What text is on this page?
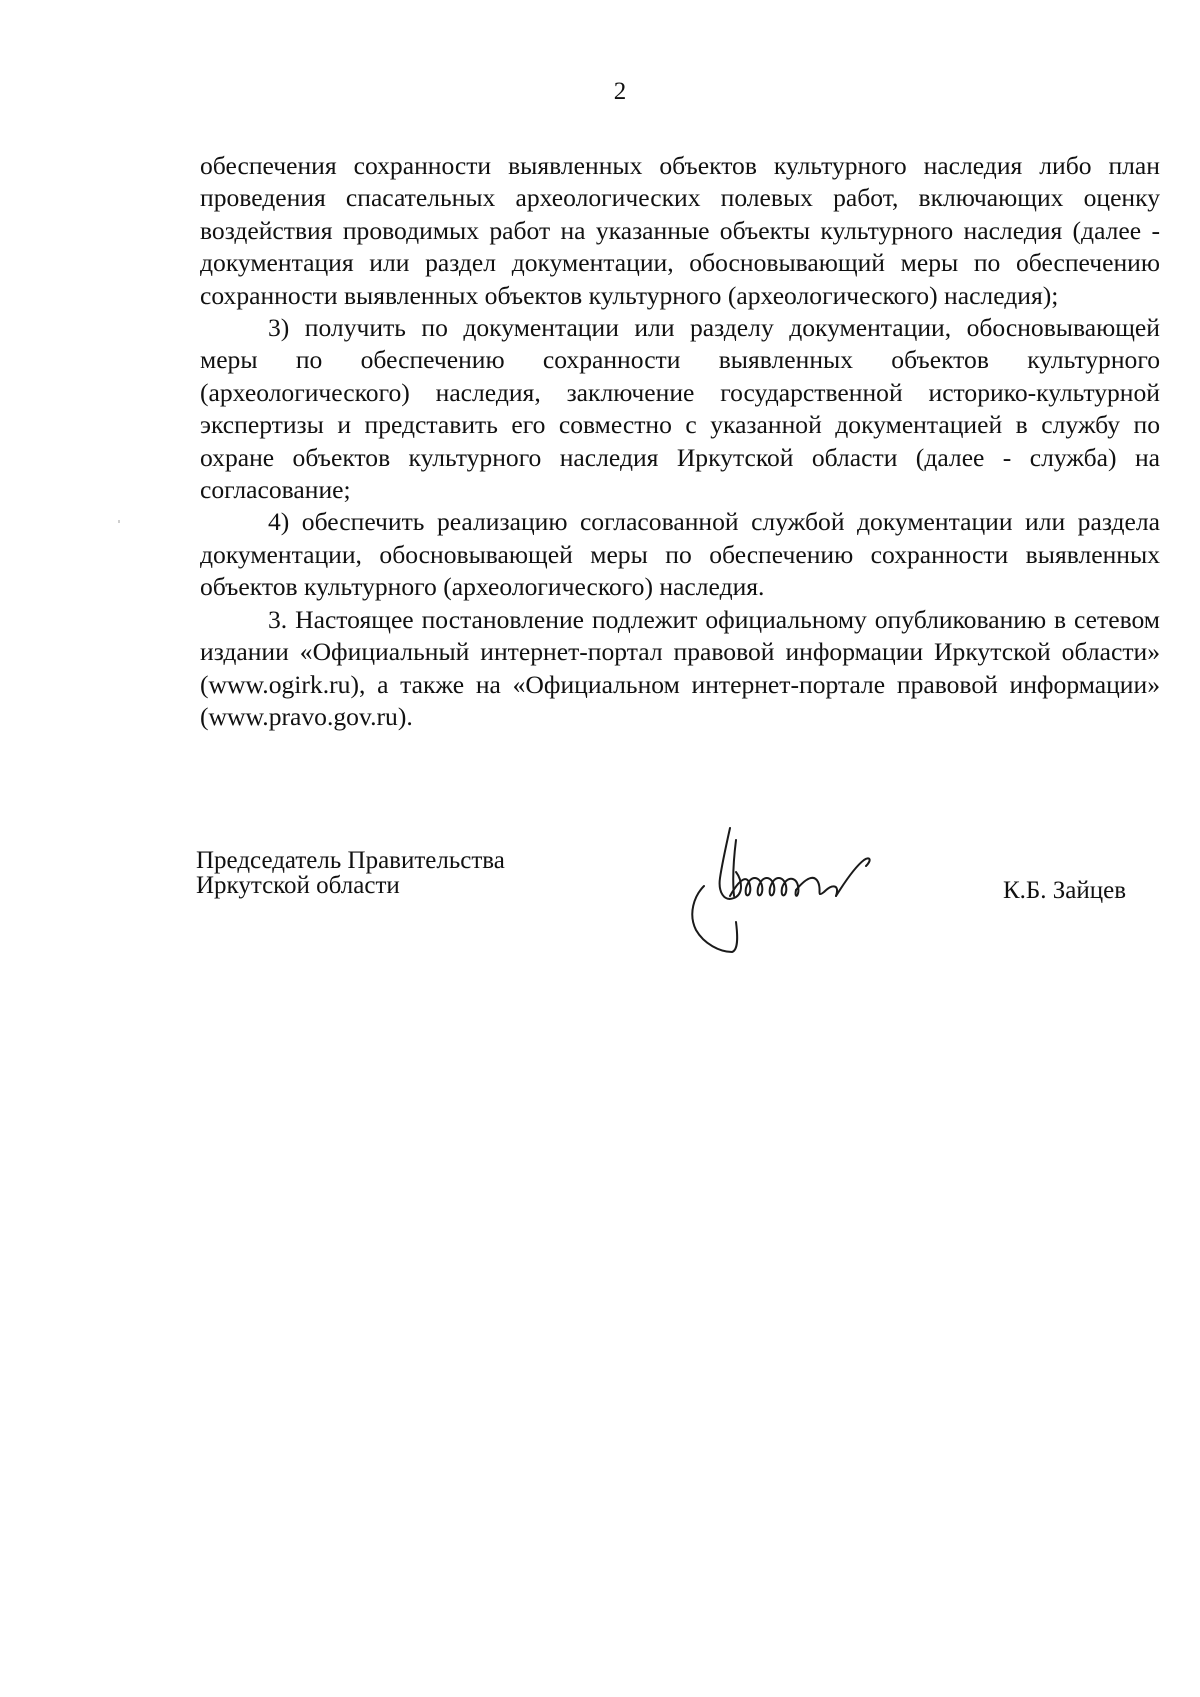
2

обеспечения сохранности выявленных объектов культурного наследия либо план проведения спасательных археологических полевых работ, включающих оценку воздействия проводимых работ на указанные объекты культурного наследия (далее - документация или раздел документации, обосновывающий меры по обеспечению сохранности выявленных объектов культурного (археологического) наследия);

3) получить по документации или разделу документации, обосновывающей меры по обеспечению сохранности выявленных объектов культурного (археологического) наследия, заключение государственной историко-культурной экспертизы и представить его совместно с указанной документацией в службу по охране объектов культурного наследия Иркутской области (далее - служба) на согласование;

4) обеспечить реализацию согласованной службой документации или раздела документации, обосновывающей меры по обеспечению сохранности выявленных объектов культурного (археологического) наследия.

3. Настоящее постановление подлежит официальному опубликованию в сетевом издании «Официальный интернет-портал правовой информации Иркутской области» (www.ogirk.ru), а также на «Официальном интернет-портале правовой информации» (www.pravo.gov.ru).

Председатель Правительства
Иркутской области	К.Б. Зайцев
